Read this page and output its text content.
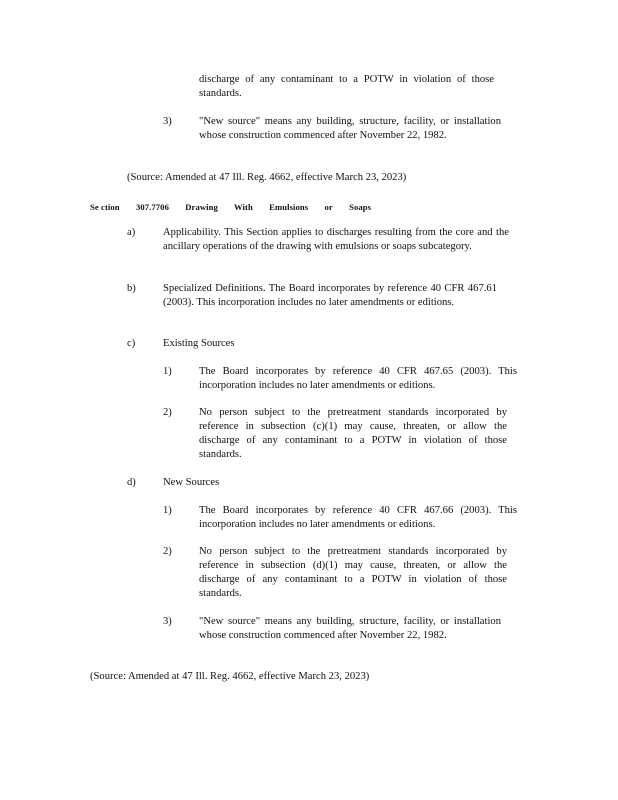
discharge of any contaminant to a POTW in violation of those standards.

3)	"New source" means any building, structure, facility, or installation whose construction commenced after November 22, 1982.

(Source: Amended at 47 Ill. Reg. 4662, effective March 23, 2023)

Se ction 307.7706 Drawing With Emulsions or Soaps

a)	Applicability. This Section applies to discharges resulting from the core and the ancillary operations of the drawing with emulsions or soaps subcategory.

b)	Specialized Definitions. The Board incorporates by reference 40 CFR 467.61 (2003). This incorporation includes no later amendments or editions.

c)	Existing Sources

1)	The Board incorporates by reference 40 CFR 467.65 (2003). This incorporation includes no later amendments or editions.

2)	No person subject to the pretreatment standards incorporated by reference in subsection (c)(1) may cause, threaten, or allow the discharge of any contaminant to a POTW in violation of those standards.

d)	New Sources

1)	The Board incorporates by reference 40 CFR 467.66 (2003). This incorporation includes no later amendments or editions.

2)	No person subject to the pretreatment standards incorporated by reference in subsection (d)(1) may cause, threaten, or allow the discharge of any contaminant to a POTW in violation of those standards.

3)	"New source" means any building, structure, facility, or installation whose construction commenced after November 22, 1982.

(Source: Amended at 47 Ill. Reg. 4662, effective March 23, 2023)
